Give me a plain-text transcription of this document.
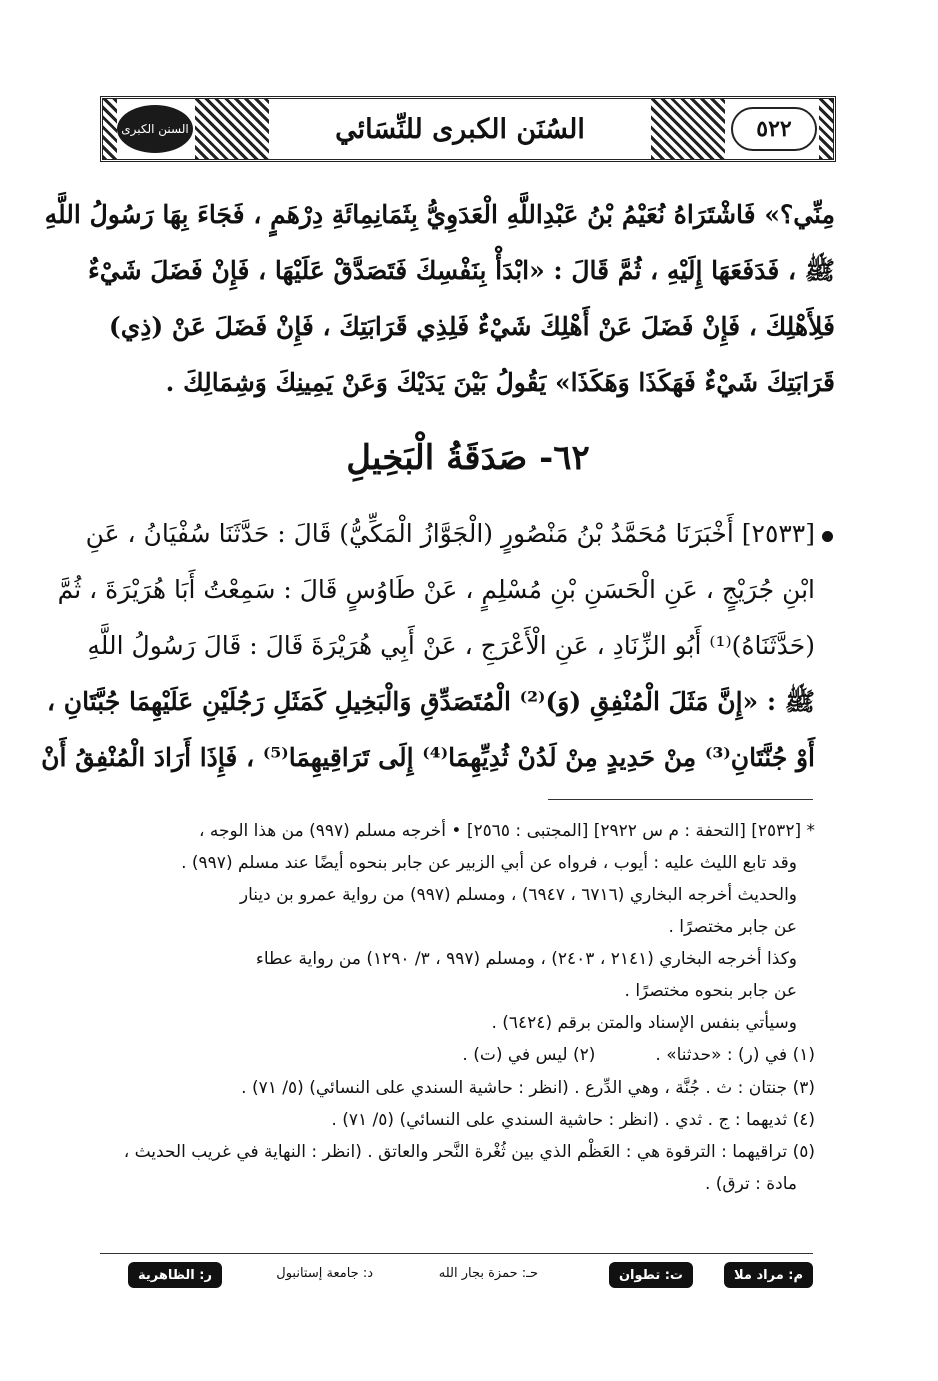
السنن الكبرى	السُنَن الكبرى للنِّسَائي	٥٢٢
مِنِّي؟» فَاشْتَرَاهُ نُعَيْمُ بْنُ عَبْدِاللَّهِ الْعَدَوِيُّ بِثَمَانِمِائَةِ دِرْهَمٍ ، فَجَاءَ بِهَا رَسُولُ اللَّهِ
ﷺ ، فَدَفَعَهَا إِلَيْهِ ، ثُمَّ قَالَ : «ابْدَأْ بِنَفْسِكَ فَتَصَدَّقْ عَلَيْهَا ، فَإِنْ فَضَلَ شَيْءٌ
فَلِأَهْلِكَ ، فَإِنْ فَضَلَ عَنْ أَهْلِكَ شَيْءٌ فَلِذِي قَرَابَتِكَ ، فَإِنْ فَضَلَ عَنْ (ذِي)
قَرَابَتِكَ شَيْءٌ فَهَكَذَا وَهَكَذَا» يَقُولُ بَيْنَ يَدَيْكَ وَعَنْ يَمِينِكَ وَشِمَالِكَ .
٦٢- صَدَقَةُ الْبَخِيلِ
[٢٥٣٣] أَخْبَرَنَا مُحَمَّدُ بْنُ مَنْصُورٍ (الْجَوَّازُ الْمَكِّيُّ) قَالَ : حَدَّثَنَا سُفْيَانُ ، عَنِ
ابْنِ جُرَيْجٍ ، عَنِ الْحَسَنِ بْنِ مُسْلِمٍ ، عَنْ طَاوُسٍ قَالَ : سَمِعْتُ أَبَا هُرَيْرَةَ ، ثُمَّ
(حَدَّثَنَاهُ)⁽¹⁾ أَبُو الزِّنَادِ ، عَنِ الْأَعْرَجِ ، عَنْ أَبِي هُرَيْرَةَ قَالَ : قَالَ رَسُولُ اللَّهِ
ﷺ : «إِنَّ مَثَلَ الْمُنْفِقِ (وَ)⁽²⁾ الْمُتَصَدِّقِ وَالْبَخِيلِ كَمَثَلِ رَجُلَيْنِ عَلَيْهِمَا جُبَّتَانِ ،
أَوْ جُنَّتَانِ⁽³⁾ مِنْ حَدِيدٍ مِنْ لَدُنْ ثُدِيِّهِمَا⁽⁴⁾ إِلَى تَرَاقِيهِمَا⁽⁵⁾ ، فَإِذَا أَرَادَ الْمُنْفِقُ أَنْ
* [٢٥٣٢] [التحفة : م س ٢٩٢٢] [المجتبى : ٢٥٦٥] • أخرجه مسلم (٩٩٧) من هذا الوجه ،
وقد تابع الليث عليه : أيوب ، فرواه عن أبي الزبير عن جابر بنحوه أيضًا عند مسلم (٩٩٧) .
والحديث أخرجه البخاري (٦٧١٦ ، ٦٩٤٧) ، ومسلم (٩٩٧) من رواية عمرو بن دينار
عن جابر مختصرًا .
وكذا أخرجه البخاري (٢١٤١ ، ٢٤٠٣) ، ومسلم (٩٩٧ ، ٣/ ١٢٩٠) من رواية عطاء
عن جابر بنحوه مختصرًا .
وسيأتي بنفس الإسناد والمتن برقم (٦٤٢٤) .
(١) في (ر) : «حدثنا» .
(٢) ليس في (ت) .
(٣) جنتان : ث . جُنَّة ، وهي الدِّرع . (انظر : حاشية السندي على النسائي) (٥/ ٧١) .
(٤) ثديهما : ج . ثدي . (انظر : حاشية السندي على النسائي) (٥/ ٧١) .
(٥) تراقيهما : الترقوة هي : العَظْم الذي بين ثُغْرة النَّحر والعاتق . (انظر : النهاية في غريب الحديث ،
مادة : ترق) .
م: مراد ملا
ت: تطوان
حـ: حمزة بجار الله
د: جامعة إستانبول
ر: الظاهرية
